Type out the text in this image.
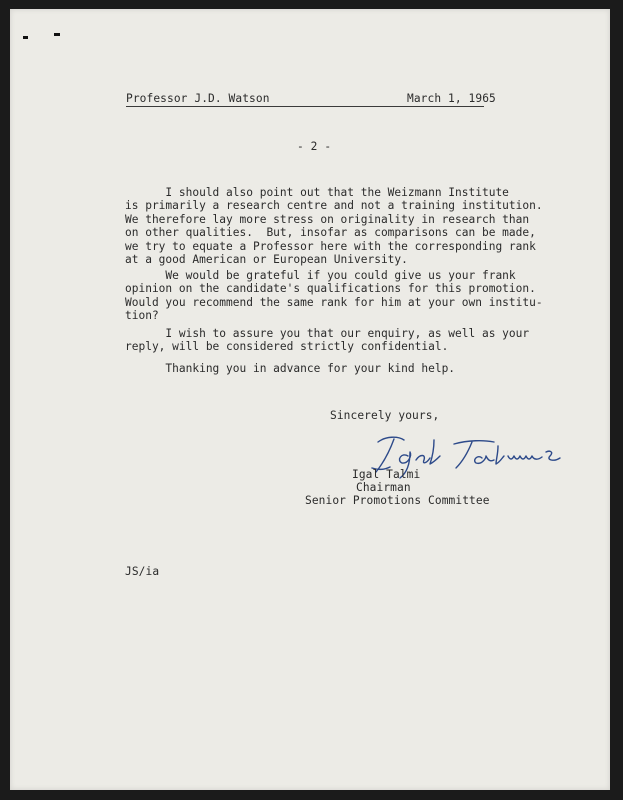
Professor J.D. Watson	March 1, 1965
- 2 -
I should also point out that the Weizmann Institute
is primarily a research centre and not a training institution.
We therefore lay more stress on originality in research than
on other qualities.  But, insofar as comparisons can be made,
we try to equate a Professor here with the corresponding rank
at a good American or European University.
We would be grateful if you could give us your frank
opinion on the candidate's qualifications for this promotion.
Would you recommend the same rank for him at your own institu-
tion?
I wish to assure you that our enquiry, as well as your
reply, will be considered strictly confidential.
Thanking you in advance for your kind help.
Sincerely yours,
Igal Talmi
Chairman
Senior Promotions Committee
JS/ia
